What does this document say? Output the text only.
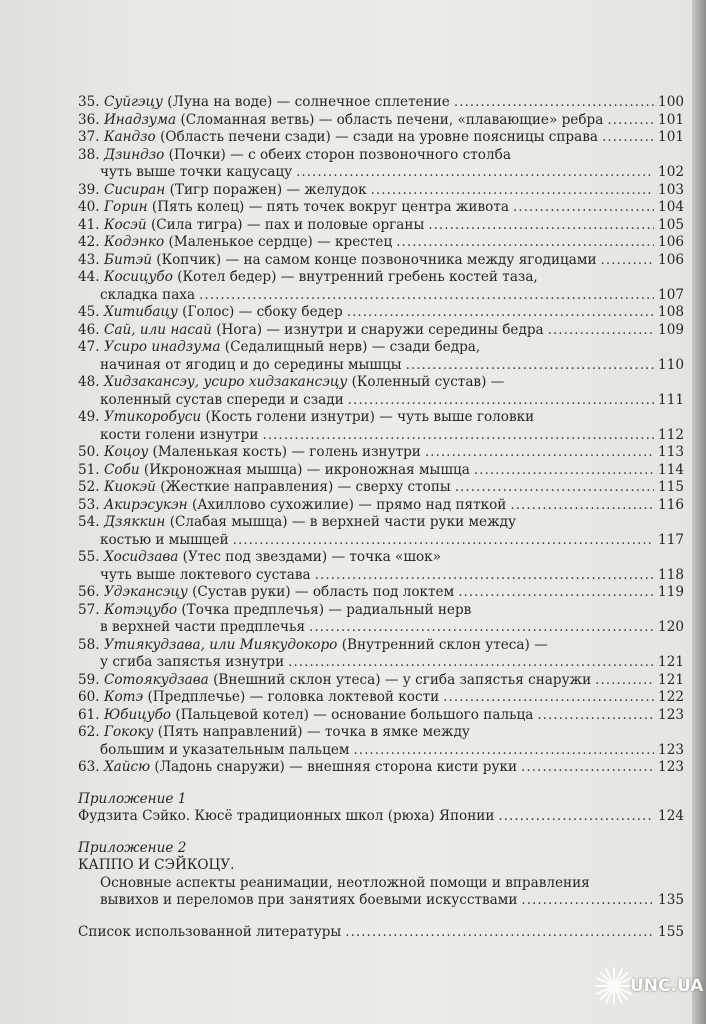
35. Суйгэцу (Луна на воде) — солнечное сплетение .....	100
36. Инадзума (Сломанная ветвь) — область печени, «плавающие» ребра .....	101
37. Кандзо (Область печени сзади) — сзади на уровне поясницы справа .....	101
38. Дзиндзо (Почки) — с обеих сторон позвоночного столба
чуть выше точки кацусацу .....	102
39. Сисиран (Тигр поражен) — желудок .....	103
40. Горин (Пять колец) — пять точек вокруг центра живота .....	104
41. Косэй (Сила тигра) — пах и половые органы .....	105
42. Кодэнко (Маленькое сердце) — крестец .....	106
43. Битэй (Копчик) — на самом конце позвоночника между ягодицами .....	106
44. Косицубо (Котел бедер) — внутренний гребень костей таза,
складка паха .....	107
45. Хитибацу (Голос) — сбоку бедер .....	108
46. Сай, или насай (Нога) — изнутри и снаружи середины бедра .....	109
47. Усиро инадзума (Седалищный нерв) — сзади бедра,
начиная от ягодиц и до середины мышцы .....	110
48. Хидзакансэу, усиро хидзакансэцу (Коленный сустав) —
коленный сустав спереди и сзади .....	111
49. Утикоробуси (Кость голени изнутри) — чуть выше головки
кости голени изнутри .....	112
50. Коцоу (Маленькая кость) — голень изнутри .....	113
51. Соби (Икроножная мышца) — икроножная мышца .....	114
52. Киокэй (Жесткие направления) — сверху стопы .....	115
53. Акирэсукэн (Ахиллово сухожилие) — прямо над пяткой .....	116
54. Дзяккин (Слабая мышца) — в верхней части руки между
костью и мышцей .....	117
55. Хосидзава (Утес под звездами) — точка «шок»
чуть выше локтевого сустава .....	118
56. Удэкансэцу (Сустав руки) — область под локтем .....	119
57. Котэцубо (Точка предплечья) — радиальный нерв
в верхней части предплечья .....	120
58. Утиякудзава, или Миякудокоро (Внутренний склон утеса) —
у сгиба запястья изнутри .....	121
59. Сотоякудзава (Внешний склон утеса) — у сгиба запястья снаружи .....	121
60. Котэ (Предплечье) — головка локтевой кости .....	122
61. Юбицубо (Пальцевой котел) — основание большого пальца .....	123
62. Гококу (Пять направлений) — точка в ямке между
большим и указательным пальцем .....	123
63. Хайсю (Ладонь снаружи) — внешняя сторона кисти руки .....	123
Приложение 1
Фудзита Сэйко. Кюсё традиционных школ (рюха) Японии .....	124
Приложение 2
КАППО И СЭЙКОЦУ.
Основные аспекты реанимации, неотложной помощи и вправления
вывихов и переломов при занятиях боевыми искусствами .....	135
Список использованной литературы .....	155
UNC.UA
